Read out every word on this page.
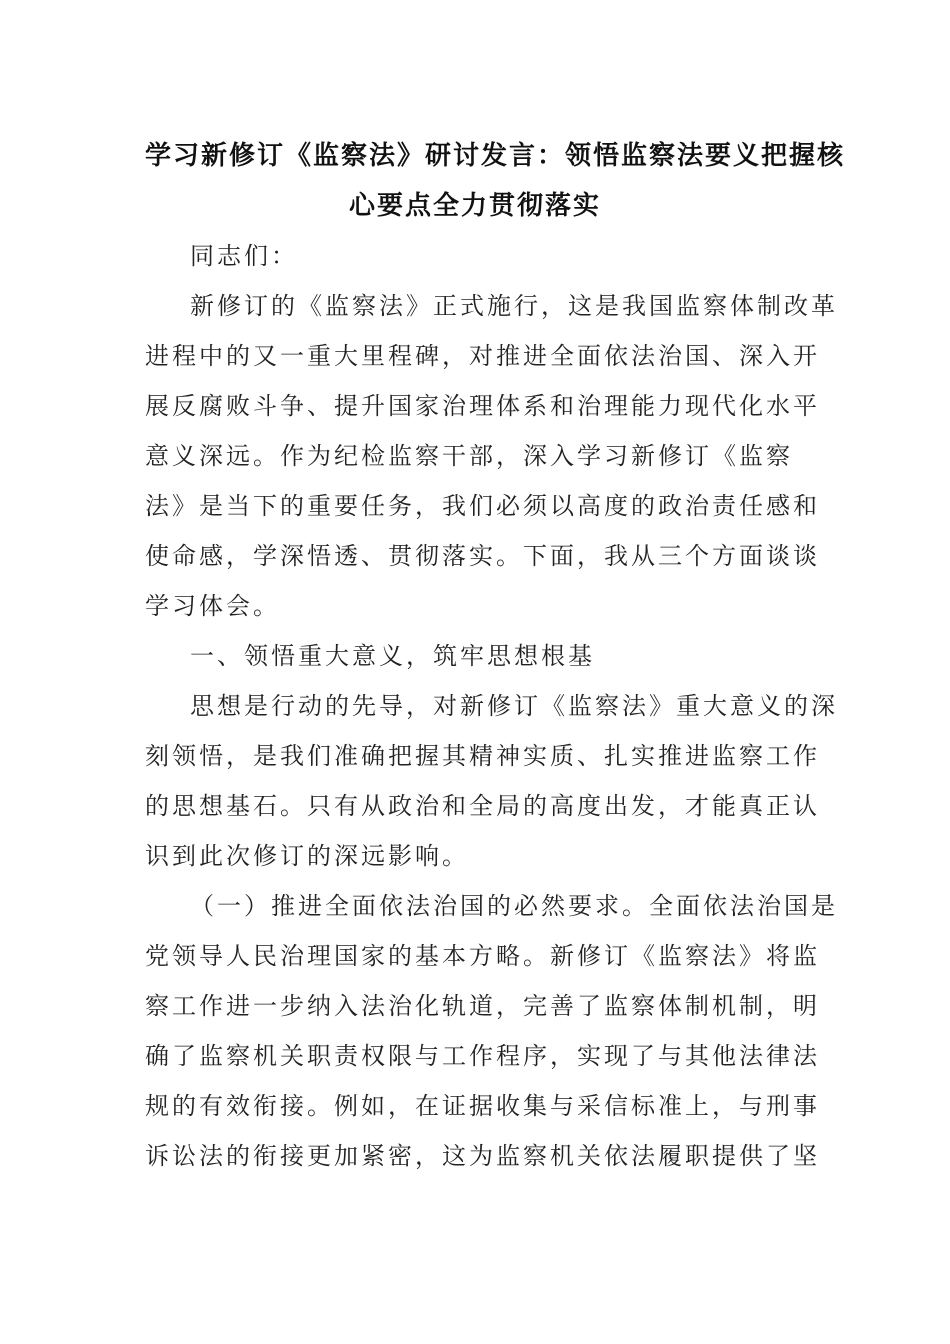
学习新修订《监察法》研讨发言：领悟监察法要义把握核
心要点全力贯彻落实
同志们：
新修订的《监察法》正式施行，这是我国监察体制改革
进程中的又一重大里程碑，对推进全面依法治国、深入开
展反腐败斗争、提升国家治理体系和治理能力现代化水平
意义深远。作为纪检监察干部，深入学习新修订《监察
法》是当下的重要任务，我们必须以高度的政治责任感和
使命感，学深悟透、贯彻落实。下面，我从三个方面谈谈
学习体会。
一、领悟重大意义，筑牢思想根基
思想是行动的先导，对新修订《监察法》重大意义的深
刻领悟，是我们准确把握其精神实质、扎实推进监察工作
的思想基石。只有从政治和全局的高度出发，才能真正认
识到此次修订的深远影响。
（一）推进全面依法治国的必然要求。全面依法治国是
党领导人民治理国家的基本方略。新修订《监察法》将监
察工作进一步纳入法治化轨道，完善了监察体制机制，明
确了监察机关职责权限与工作程序，实现了与其他法律法
规的有效衔接。例如，在证据收集与采信标准上，与刑事
诉讼法的衔接更加紧密，这为监察机关依法履职提供了坚
